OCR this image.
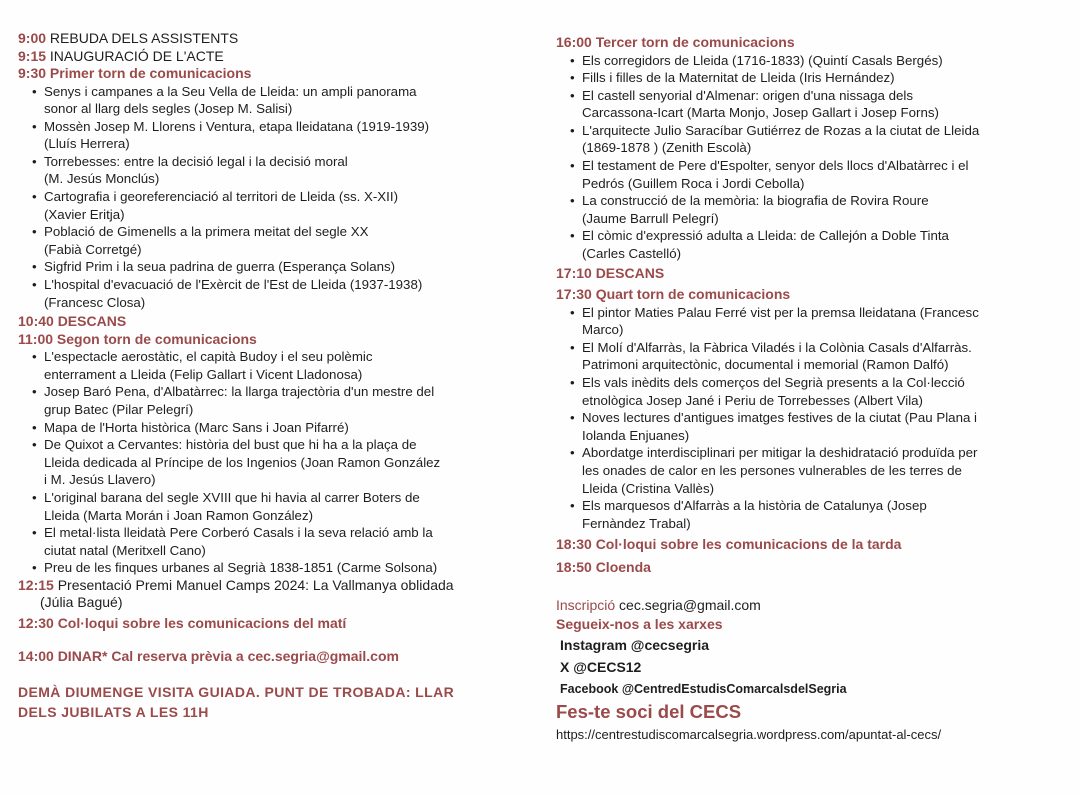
9:00 REBUDA DELS ASSISTENTS
9:15 INAUGURACIÓ DE L'ACTE
9:30 Primer torn de comunicacions
• Senys i campanes a la Seu Vella de Lleida: un ampli panorama
sonor al llarg dels segles (Josep M. Salisi)
• Mossèn Josep M. Llorens i Ventura, etapa lleidatana (1919-1939)
(Lluís Herrera)
• Torrebesses: entre la decisió legal i la decisió moral
(M. Jesús Monclús)
• Cartografia i georeferenciació al territori de Lleida (ss. X-XII)
(Xavier Eritja)
• Població de Gimenells a la primera meitat del segle XX
(Fabià Corretgé)
• Sigfrid Prim i la seua padrina de guerra (Esperança Solans)
• L'hospital d'evacuació de l'Exèrcit de l'Est de Lleida (1937-1938)
(Francesc Closa)
10:40 DESCANS
11:00 Segon torn de comunicacions
• L'espectacle aerostàtic, el capità Budoy i el seu polèmic
enterrament a Lleida (Felip Gallart i Vicent Lladonosa)
• Josep Baró Pena, d'Albatàrrec: la llarga trajectòria d'un mestre del
grup Batec (Pilar Pelegrí)
• Mapa de l'Horta històrica (Marc Sans i Joan Pifarré)
• De Quixot a Cervantes: història del bust que hi ha a la plaça de
Lleida dedicada al Príncipe de los Ingenios (Joan Ramon González
i M. Jesús Llavero)
• L'original barana del segle XVIII que hi havia al carrer Boters de
Lleida (Marta Morán i Joan Ramon González)
• El metal·lista lleidatà Pere Corberó Casals i la seva relació amb la
ciutat natal (Meritxell Cano)
• Preu de les finques urbanes al Segrià 1838-1851 (Carme Solsona)
12:15 Presentació Premi Manuel Camps 2024: La Vallmanya oblidada
(Júlia Bagué)
12:30 Col·loqui sobre les comunicacions del matí
14:00 DINAR* Cal reserva prèvia a cec.segria@gmail.com
DEMÀ DIUMENGE VISITA GUIADA. PUNT DE TROBADA: LLAR
DELS JUBILATS A LES 11H
16:00 Tercer torn de comunicacions
• Els corregidors de Lleida (1716-1833) (Quintí Casals Bergés)
• Fills i filles de la Maternitat de Lleida (Iris Hernández)
• El castell senyorial d'Almenar: origen d'una nissaga dels
Carcassona-Icart (Marta Monjo, Josep Gallart i Josep Forns)
• L'arquitecte Julio Saracíbar Gutiérrez de Rozas a la ciutat de Lleida
(1869-1878 ) (Zenith Escolà)
• El testament de Pere d'Espolter, senyor dels llocs d'Albatàrrec i el
Pedrós (Guillem Roca i Jordi Cebolla)
• La construcció de la memòria: la biografia de Rovira Roure
(Jaume Barrull Pelegrí)
• El còmic d'expressió adulta a Lleida: de Callejón a Doble Tinta
(Carles Castelló)
17:10 DESCANS
17:30 Quart torn de comunicacions
• El pintor Maties Palau Ferré vist per la premsa lleidatana (Francesc
Marco)
• El Molí d'Alfarràs, la Fàbrica Viladés i la Colònia Casals d'Alfarràs.
Patrimoni arquitectònic, documental i memorial (Ramon Dalfó)
• Els vals inèdits dels comerços del Segrià presents a la Col·lecció
etnològica Josep Jané i Periu de Torrebesses (Albert Vila)
• Noves lectures d'antigues imatges festives de la ciutat (Pau Plana i
Iolanda Enjuanes)
• Abordatge interdisciplinari per mitigar la deshidratació produïda per
les onades de calor en les persones vulnerables de les terres de
Lleida (Cristina Vallès)
• Els marquesos d'Alfarràs a la història de Catalunya (Josep
Fernàndez Trabal)
18:30 Col·loqui sobre les comunicacions de la tarda
18:50 Cloenda
Inscripció cec.segria@gmail.com
Segueix-nos a les xarxes
Instagram @cecsegria
X @CECS12
Facebook @CentredEstudisComarcalsdelSegria
Fes-te soci del CECS
https://centrestudiscomarcalsegria.wordpress.com/apuntat-al-cecs/
